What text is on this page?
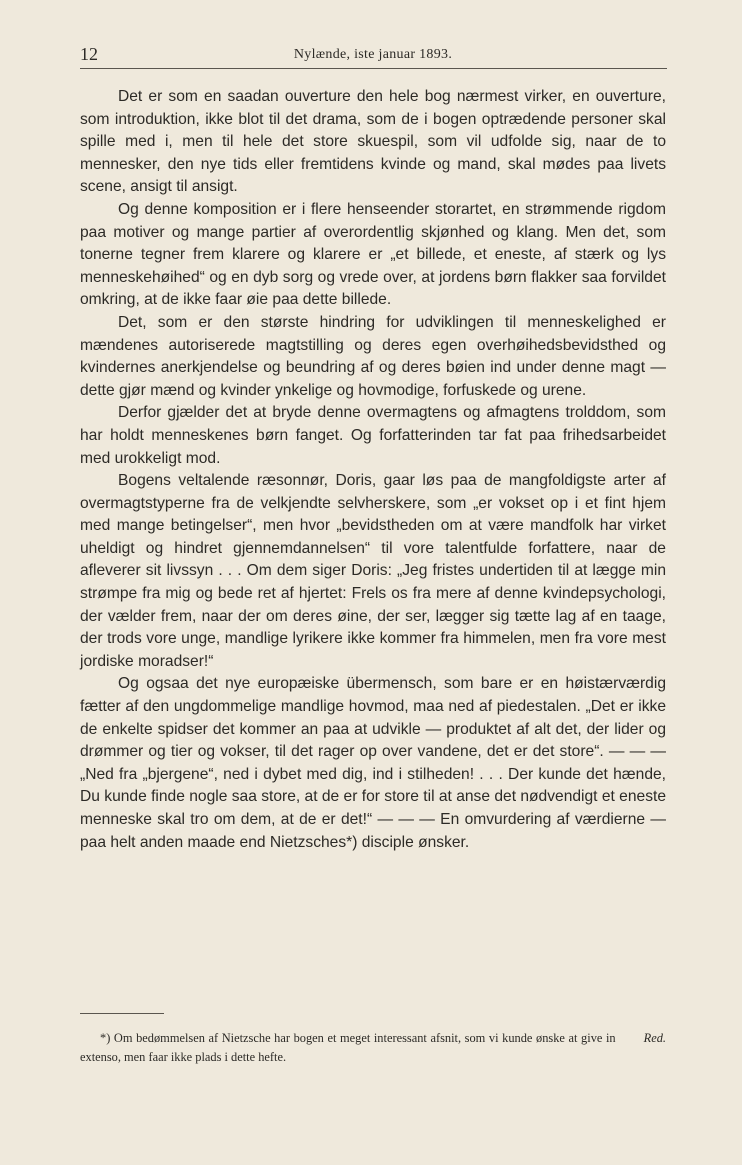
12	Nylænde, iste januar 1893.

Det er som en saadan ouverture den hele bog nærmest virker, en ouverture, som introduktion, ikke blot til det drama, som de i bogen optrædende personer skal spille med i, men til hele det store skuespil, som vil udfolde sig, naar de to mennesker, den nye tids eller fremtidens kvinde og mand, skal mødes paa livets scene, ansigt til ansigt.

Og denne komposition er i flere henseender storartet, en strømmende rigdom paa motiver og mange partier af overordentlig skjønhed og klang. Men det, som tonerne tegner frem klarere og klarere er „et billede, et eneste, af stærk og lys menneskehøihed“ og en dyb sorg og vrede over, at jordens børn flakker saa forvildet omkring, at de ikke faar øie paa dette billede.

Det, som er den største hindring for udviklingen til menneskelighed er mændenes autoriserede magtstilling og deres egen overhøihedsbevidsthed og kvindernes anerkjendelse og beundring af og deres bøien ind under denne magt — dette gjør mænd og kvinder ynkelige og hovmodige, forfuskede og urene.

Derfor gjælder det at bryde denne overmagtens og afmagtens trolddom, som har holdt menneskenes børn fanget. Og forfatterinden tar fat paa frihedsarbeidet med urokkeligt mod.

Bogens veltalende ræsonnør, Doris, gaar løs paa de mangfoldigste arter af overmagtstyperne fra de velkjendte selvherskere, som „er vokset op i et fint hjem med mange betingelser“, men hvor „bevidstheden om at være mandfolk har virket uheldigt og hindret gjennemdannelsen“ til vore talentfulde forfattere, naar de afleverer sit livssyn . . . Om dem siger Doris: „Jeg fristes undertiden til at lægge min strømpe fra mig og bede ret af hjertet: Frels os fra mere af denne kvindepsychologi, der vælder frem, naar der om deres øine, der ser, lægger sig tætte lag af en taage, der trods vore unge, mandlige lyrikere ikke kommer fra himmelen, men fra vore mest jordiske moradser!“

Og ogsaa det nye europæiske übermensch, som bare er en høistærværdig fætter af den ungdommelige mandlige hovmod, maa ned af piedestalen. „Det er ikke de enkelte spidser det kommer an paa at udvikle — produktet af alt det, der lider og drømmer og tier og vokser, til det rager op over vandene, det er det store“. — — — „Ned fra „bjergene“, ned i dybet med dig, ind i stilheden! . . . Der kunde det hænde, Du kunde finde nogle saa store, at de er for store til at anse det nødvendigt et eneste menneske skal tro om dem, at de er det!“ — — — En omvurdering af værdierne — paa helt anden maade end Nietzsches*) disciple ønsker.

Red.
*) Om bedømmelsen af Nietzsche har bogen et meget interessant afsnit, som vi kunde ønske at give in extenso, men faar ikke plads i dette hefte.
